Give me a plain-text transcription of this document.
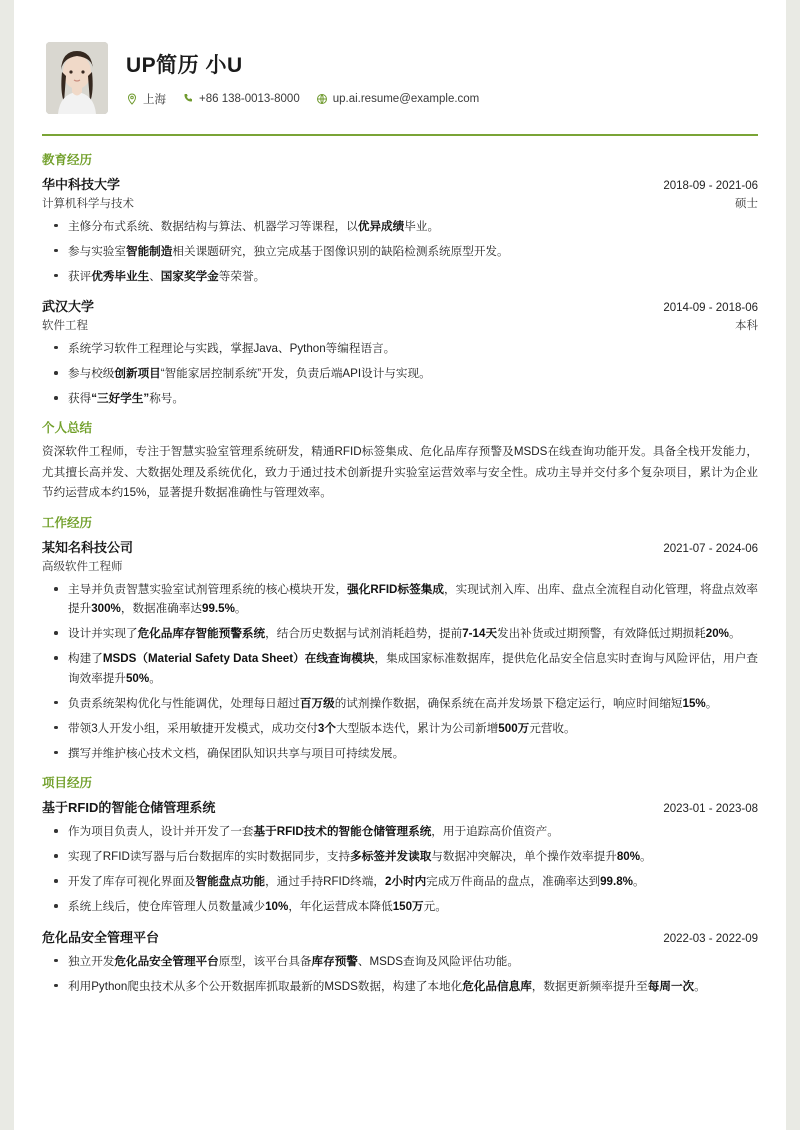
UP简历 小U
上海	+86 138-0013-8000	up.ai.resume@example.com
教育经历
华中科技大学	2018-09 - 2021-06
计算机科学与技术	硕士
主修分布式系统、数据结构与算法、机器学习等课程，以优异成绩毕业。
参与实验室智能制造相关课题研究，独立完成基于图像识别的缺陷检测系统原型开发。
获评优秀毕业生、国家奖学金等荣誉。
武汉大学	2014-09 - 2018-06
软件工程	本科
系统学习软件工程理论与实践，掌握Java、Python等编程语言。
参与校级创新项目“智能家居控制系统”开发，负责后端API设计与实现。
获得“三好学生”称号。
个人总结
资深软件工程师，专注于智慧实验室管理系统研发，精通RFID标签集成、危化品库存预警及MSDS在线查询功能开发。具备全栈开发能力，尤其擅长高并发、大数据处理及系统优化，致力于通过技术创新提升实验室运营效率与安全性。成功主导并交付多个复杂项目，累计为企业节约运营成本约15%，显著提升数据准确性与管理效率。
工作经历
某知名科技公司	2021-07 - 2024-06
高级软件工程师
主导并负责智慧实验室试剂管理系统的核心模块开发，强化RFID标签集成，实现试剂入库、出库、盘点全流程自动化管理，将盘点效率提升300%，数据准确率达99.5%。
设计并实现了危化品库存智能预警系统，结合历史数据与试剂消耗趋势，提前7-14天发出补货或过期预警，有效降低过期损耗20%。
构建了MSDS（Material Safety Data Sheet）在线查询模块，集成国家标准数据库，提供危化品安全信息实时查询与风险评估，用户查询效率提升50%。
负责系统架构优化与性能调优，处理每日超过百万级的试剂操作数据，确保系统在高并发场景下稳定运行，响应时间缩短15%。
带领3人开发小组，采用敏捷开发模式，成功交付3个大型版本迭代，累计为公司新增500万元营收。
撰写并维护核心技术文档，确保团队知识共享与项目可持续发展。
项目经历
基于RFID的智能仓储管理系统	2023-01 - 2023-08
作为项目负责人，设计并开发了一套基于RFID技术的智能仓储管理系统，用于追踪高价值资产。
实现了RFID读写器与后台数据库的实时数据同步，支持多标签并发读取与数据冲突解决，单个操作效率提升80%。
开发了库存可视化界面及智能盘点功能，通过手持RFID终端，2小时内完成万件商品的盘点，准确率达到99.8%。
系统上线后，使仓库管理人员数量减少10%，年化运营成本降低150万元。
危化品安全管理平台	2022-03 - 2022-09
独立开发危化品安全管理平台原型，该平台具备库存预警、MSDS查询及风险评估功能。
利用Python爬虫技术从多个公开数据库抓取最新的MSDS数据，构建了本地化危化品信息库，数据更新频率提升至每周一次。
